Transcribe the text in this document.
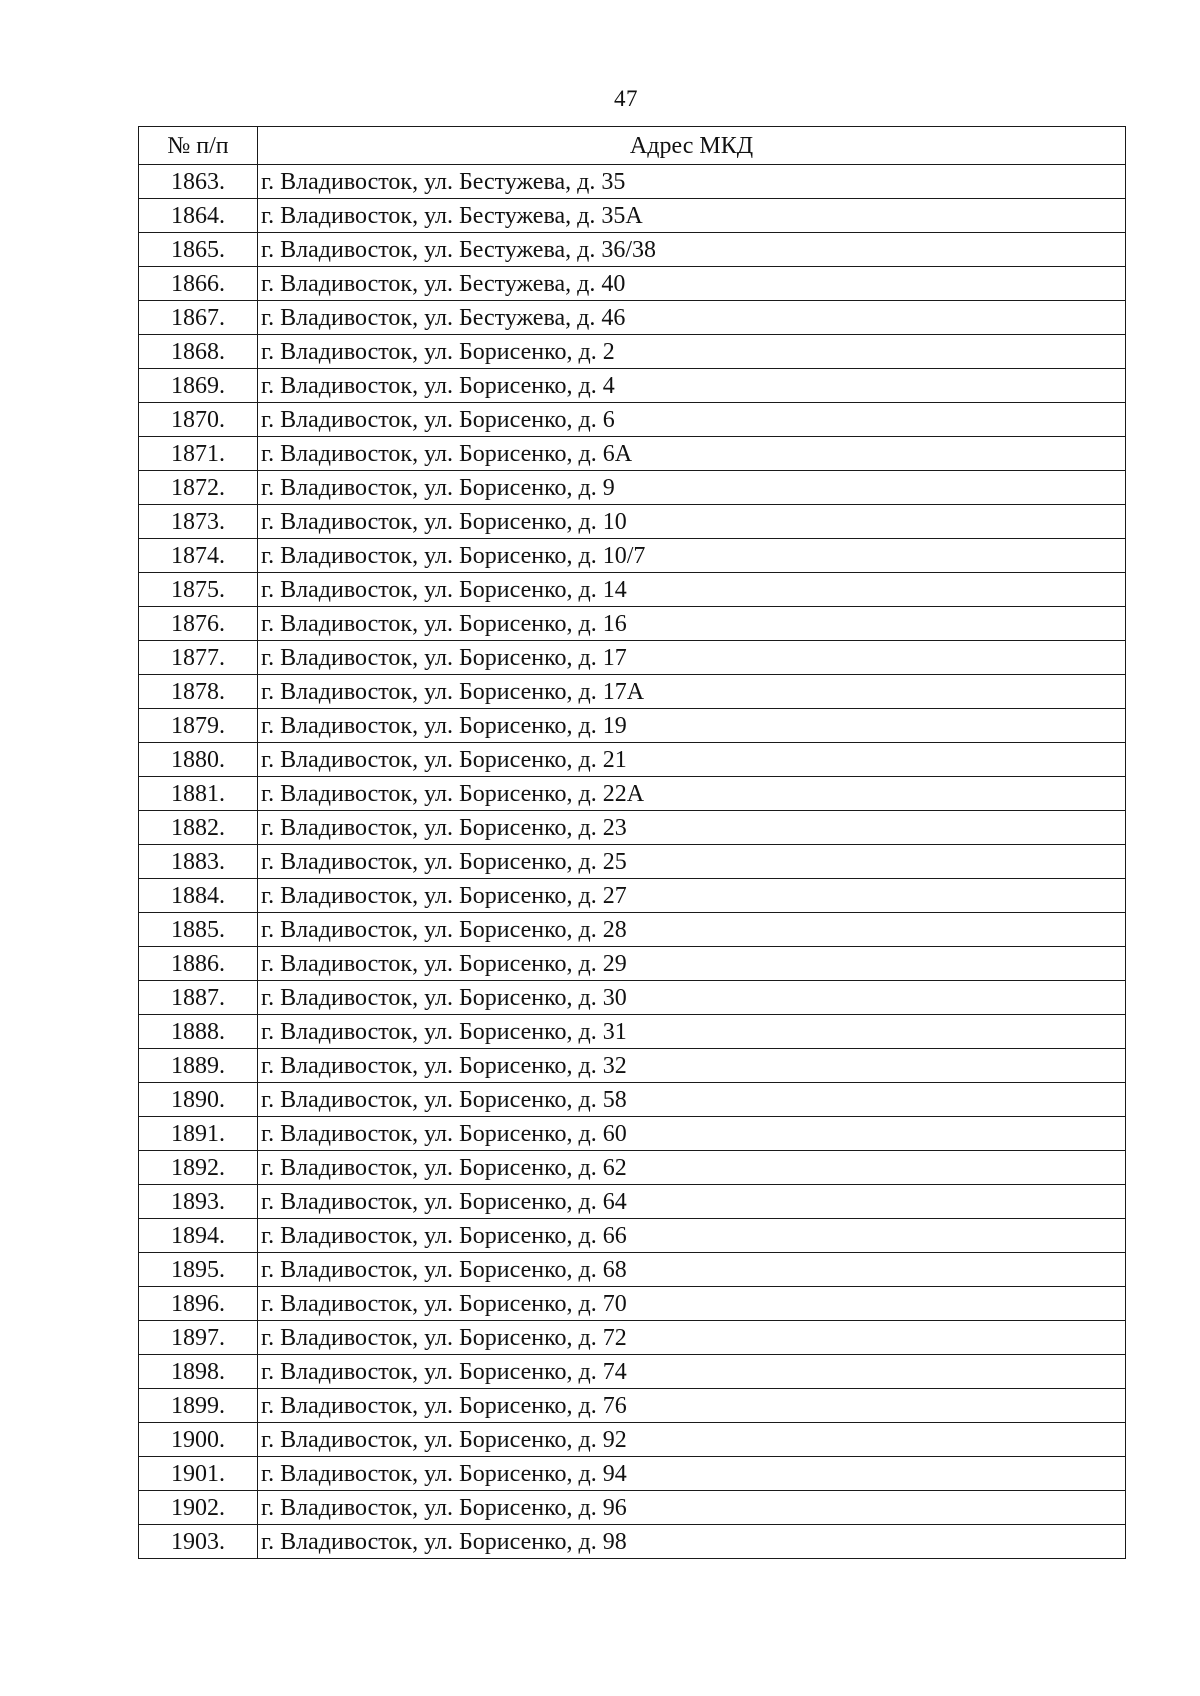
47
№ п/п	Адрес МКД
1863.	г. Владивосток, ул. Бестужева, д. 35
1864.	г. Владивосток, ул. Бестужева, д. 35А
1865.	г. Владивосток, ул. Бестужева, д. 36/38
1866.	г. Владивосток, ул. Бестужева, д. 40
1867.	г. Владивосток, ул. Бестужева, д. 46
1868.	г. Владивосток, ул. Борисенко, д. 2
1869.	г. Владивосток, ул. Борисенко, д. 4
1870.	г. Владивосток, ул. Борисенко, д. 6
1871.	г. Владивосток, ул. Борисенко, д. 6А
1872.	г. Владивосток, ул. Борисенко, д. 9
1873.	г. Владивосток, ул. Борисенко, д. 10
1874.	г. Владивосток, ул. Борисенко, д. 10/7
1875.	г. Владивосток, ул. Борисенко, д. 14
1876.	г. Владивосток, ул. Борисенко, д. 16
1877.	г. Владивосток, ул. Борисенко, д. 17
1878.	г. Владивосток, ул. Борисенко, д. 17А
1879.	г. Владивосток, ул. Борисенко, д. 19
1880.	г. Владивосток, ул. Борисенко, д. 21
1881.	г. Владивосток, ул. Борисенко, д. 22А
1882.	г. Владивосток, ул. Борисенко, д. 23
1883.	г. Владивосток, ул. Борисенко, д. 25
1884.	г. Владивосток, ул. Борисенко, д. 27
1885.	г. Владивосток, ул. Борисенко, д. 28
1886.	г. Владивосток, ул. Борисенко, д. 29
1887.	г. Владивосток, ул. Борисенко, д. 30
1888.	г. Владивосток, ул. Борисенко, д. 31
1889.	г. Владивосток, ул. Борисенко, д. 32
1890.	г. Владивосток, ул. Борисенко, д. 58
1891.	г. Владивосток, ул. Борисенко, д. 60
1892.	г. Владивосток, ул. Борисенко, д. 62
1893.	г. Владивосток, ул. Борисенко, д. 64
1894.	г. Владивосток, ул. Борисенко, д. 66
1895.	г. Владивосток, ул. Борисенко, д. 68
1896.	г. Владивосток, ул. Борисенко, д. 70
1897.	г. Владивосток, ул. Борисенко, д. 72
1898.	г. Владивосток, ул. Борисенко, д. 74
1899.	г. Владивосток, ул. Борисенко, д. 76
1900.	г. Владивосток, ул. Борисенко, д. 92
1901.	г. Владивосток, ул. Борисенко, д. 94
1902.	г. Владивосток, ул. Борисенко, д. 96
1903.	г. Владивосток, ул. Борисенко, д. 98
